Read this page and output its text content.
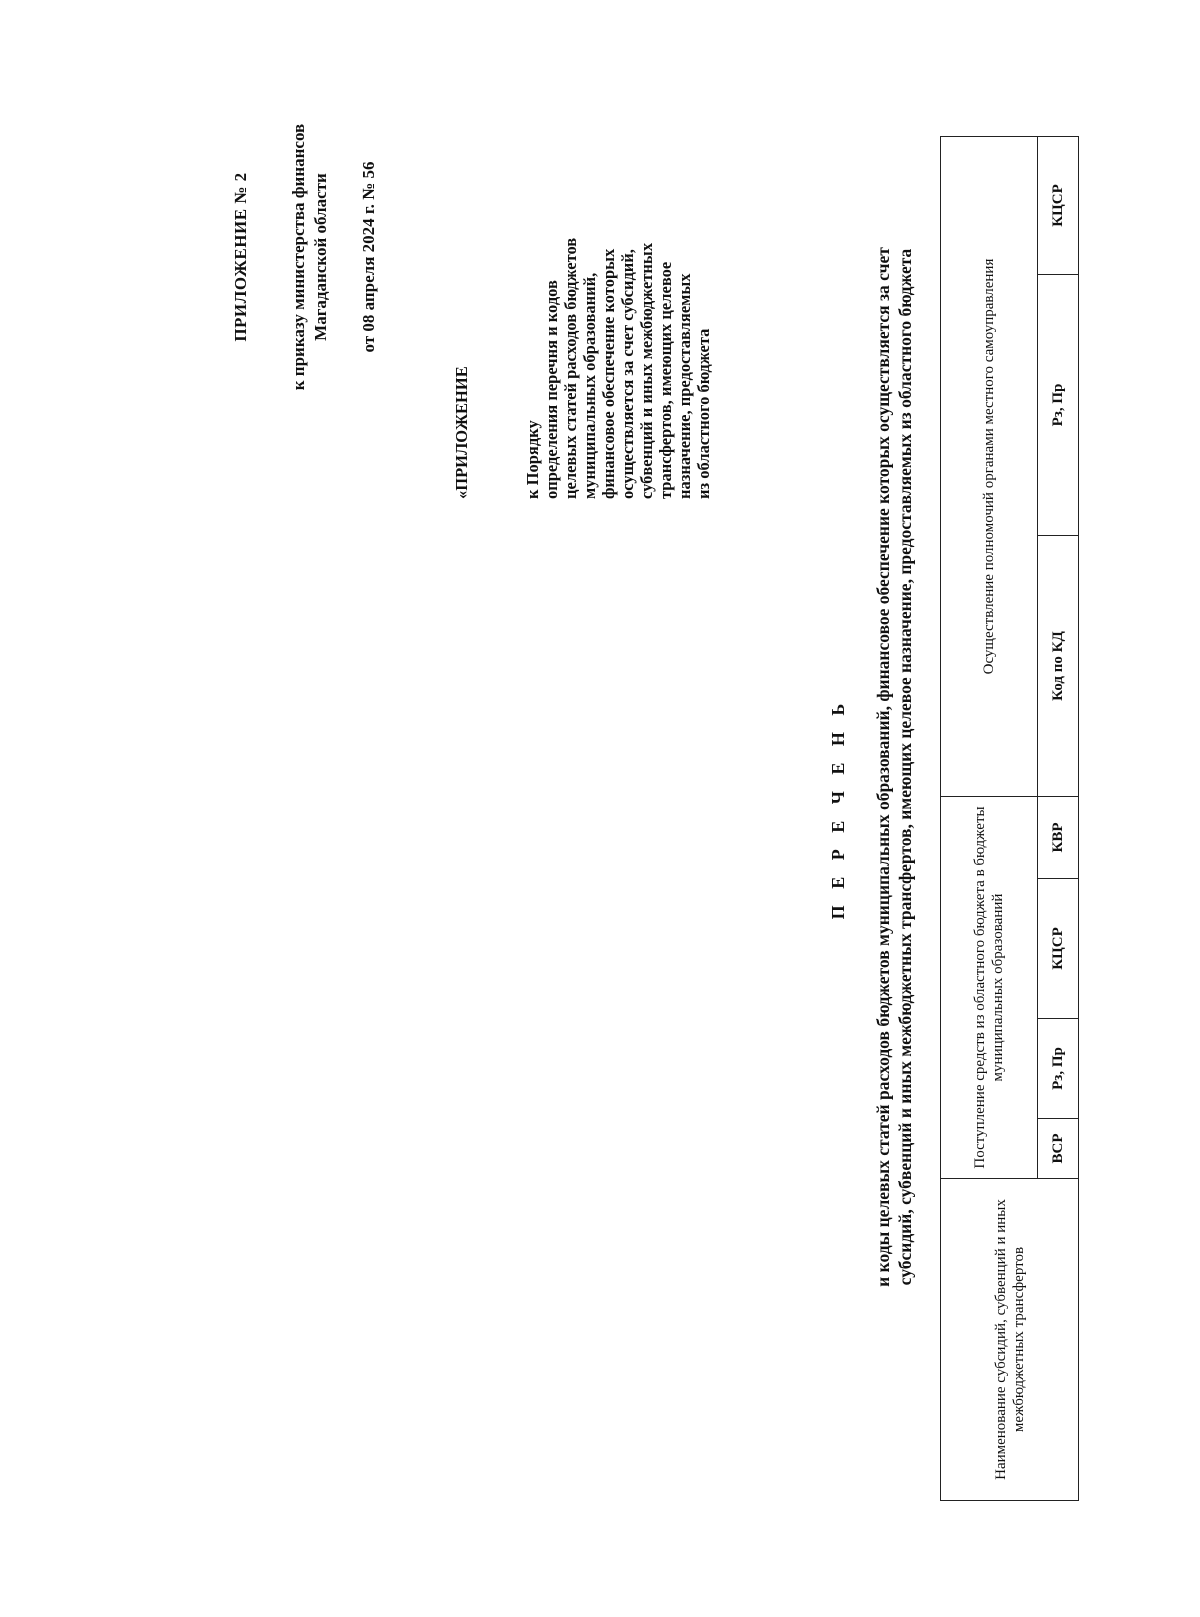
ПРИЛОЖЕНИЕ № 2 к приказу министерства финансов Магаданской области от 08 апреля 2024 г. № 56
«ПРИЛОЖЕНИЕ	к Порядку определения перечня и кодов целевых статей расходов бюджетов муниципальных образований, финансовое обеспечение которых осуществляется за счет субсидий, субвенций и иных межбюджетных трансфертов, имеющих целевое назначение, предоставляемых из областного бюджета
П Е Р Е Ч Е Н Ь и коды целевых статей расходов бюджетов муниципальных образований, финансовое обеспечение которых осуществляется за счет субсидий, субвенций и иных межбюджетных трансфертов, имеющих целевое назначение, предоставляемых из областного бюджета
Наименование субсидий, субвенций и иных межбюджетных трансфертов	Поступление средств из областного бюджета в бюджеты муниципальных образований				Осуществление полномочий органами местного самоуправления		
	ВСР	Рз, Пр	КЦСР	КВР	Код по КД	Рз, Пр	КЦСР
